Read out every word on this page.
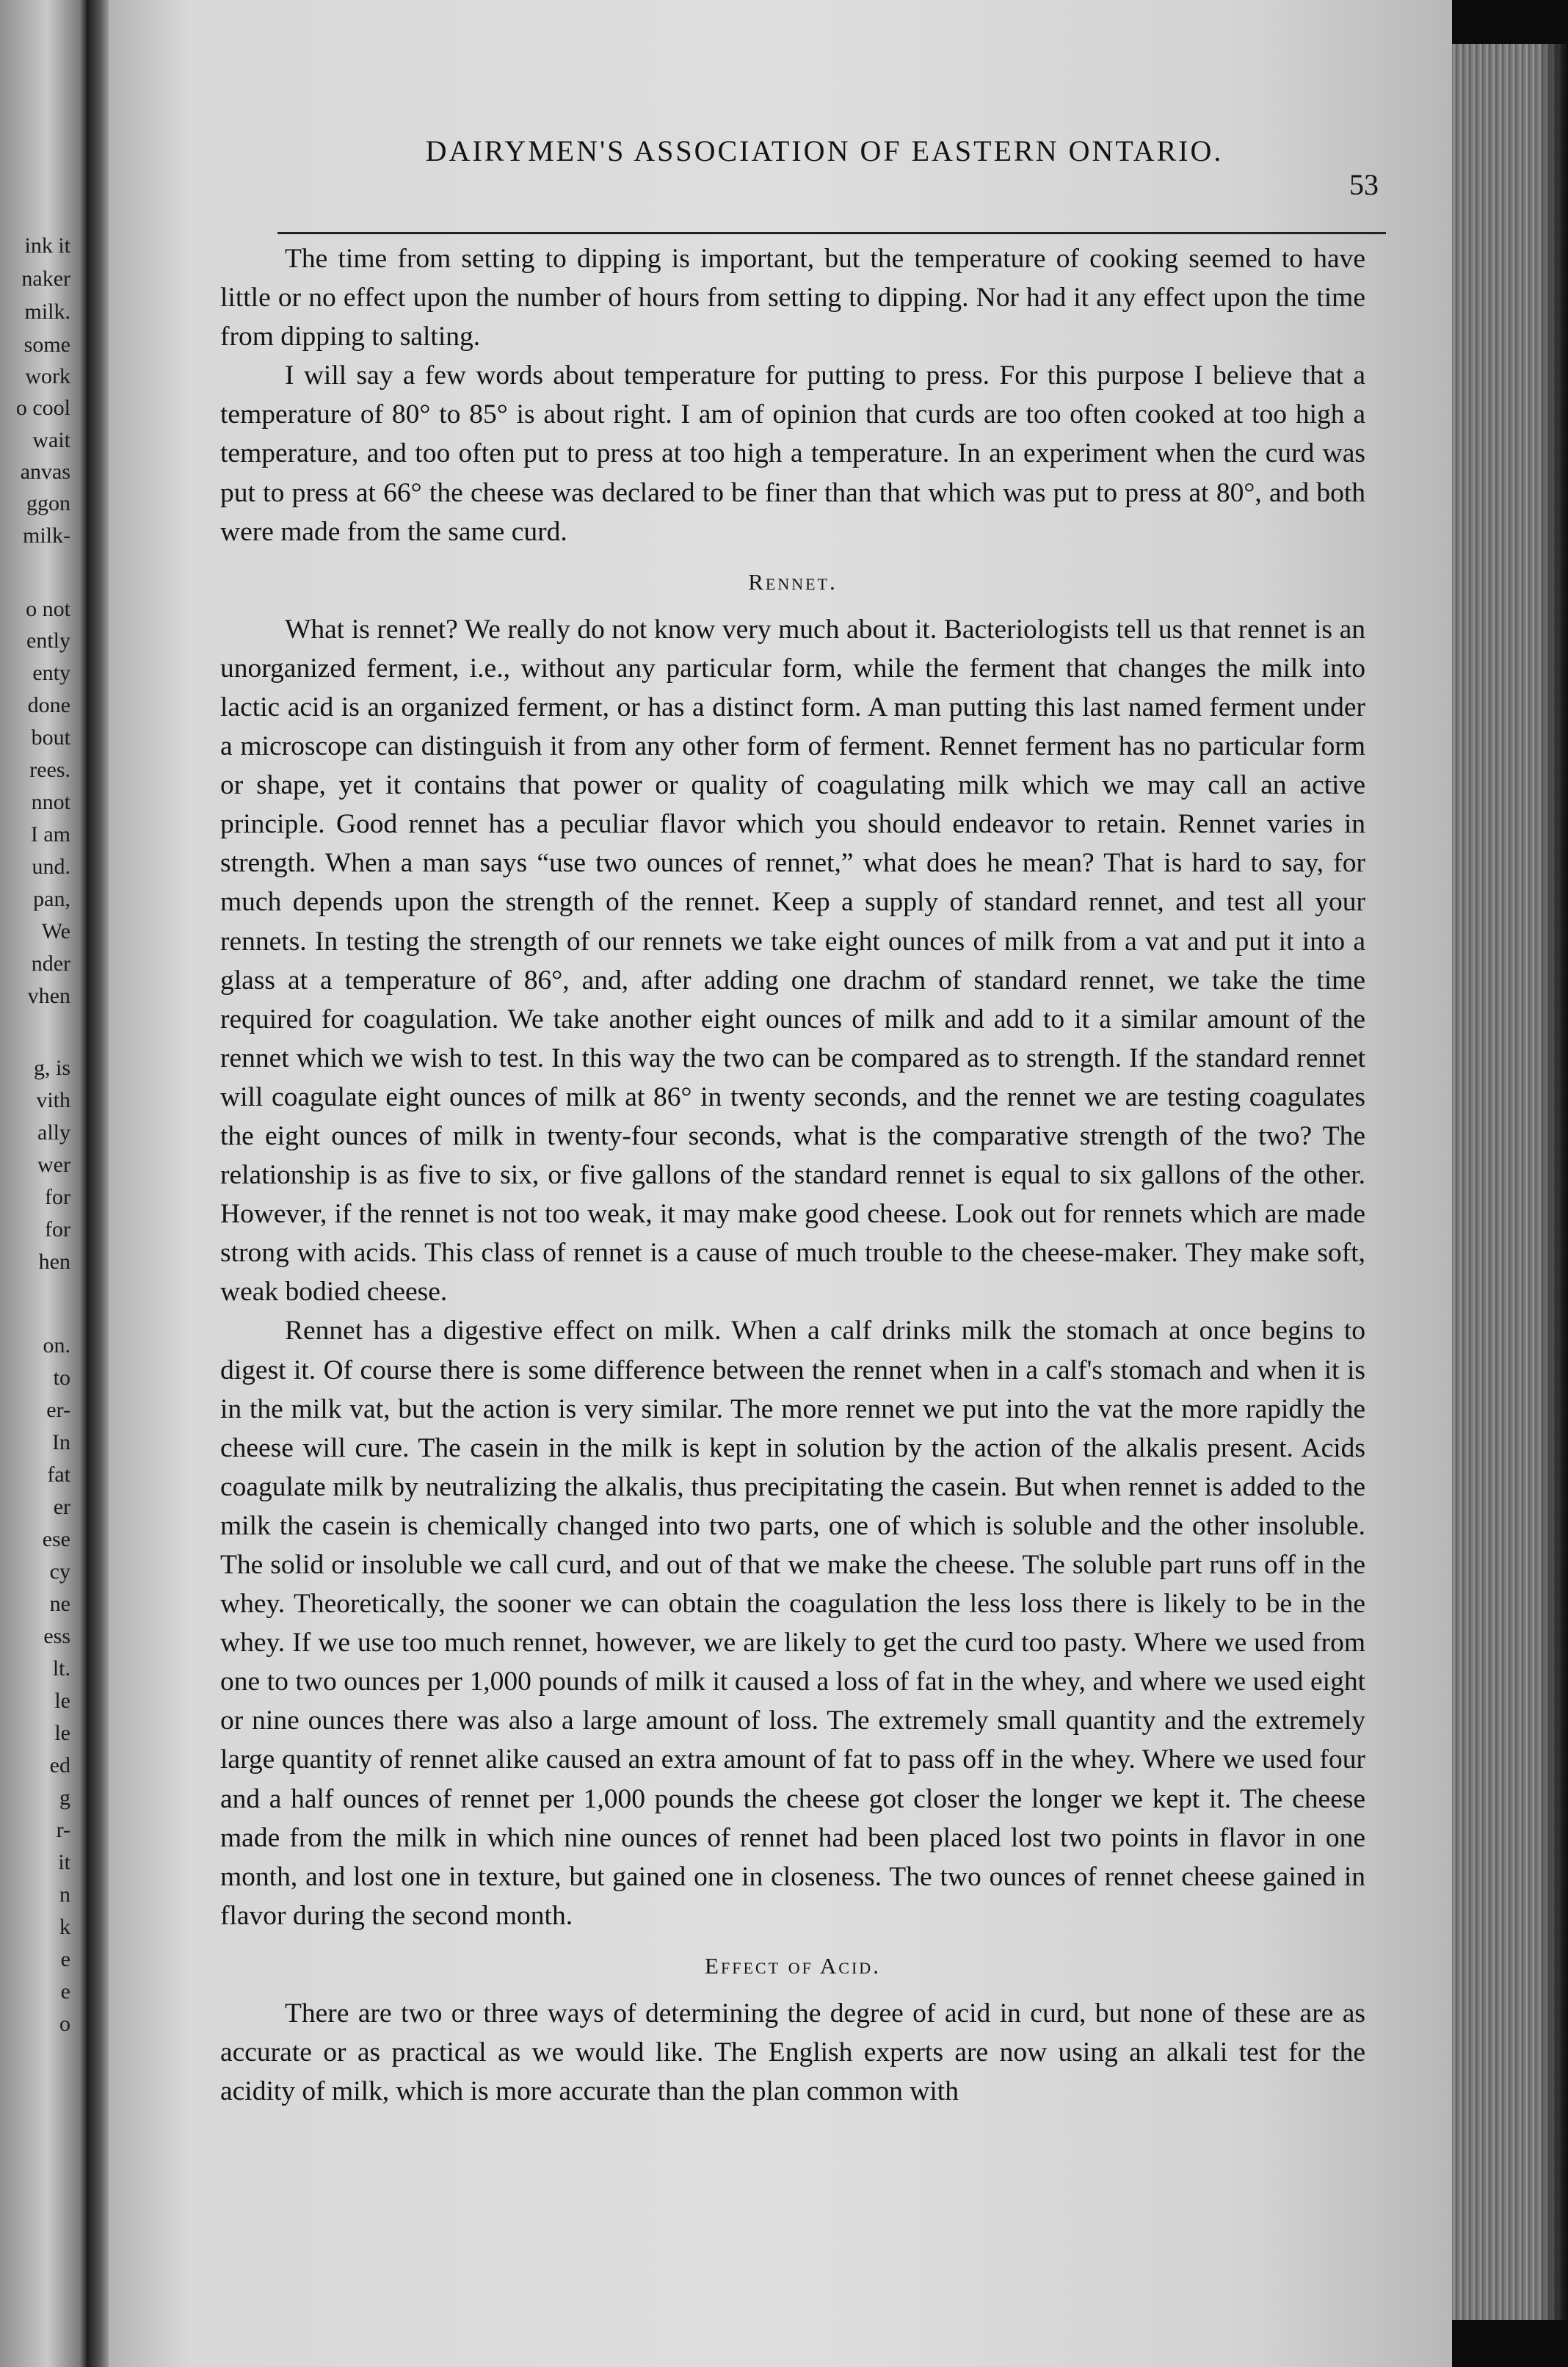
ink it
naker
milk.
some
work
o cool
wait
anvas
ggon
milk-
o not
ently
enty
done
bout
rees.
nnot
I am
und.
pan,
We
nder
vhen
g, is
vith
ally
wer
for
for
hen
on.
to
er-
In
fat
er
ese
cy
ne
ess
lt.
le
le
ed
g
r-
it
n
k
e
e
o
DAIRYMEN'S ASSOCIATION OF EASTERN ONTARIO.
53

The time from setting to dipping is important, but the temperature of cooking seemed to have little or no effect upon the number of hours from setting to dipping. Nor had it any effect upon the time from dipping to salting.

I will say a few words about temperature for putting to press. For this purpose I believe that a temperature of 80° to 85° is about right. I am of opinion that curds are too often cooked at too high a temperature, and too often put to press at too high a temperature. In an experiment when the curd was put to press at 66° the cheese was declared to be finer than that which was put to press at 80°, and both were made from the same curd.

Rennet.

What is rennet? We really do not know very much about it. Bacteriologists tell us that rennet is an unorganized ferment, i.e., without any particular form, while the ferment that changes the milk into lactic acid is an organized ferment, or has a distinct form. A man putting this last named ferment under a microscope can distinguish it from any other form of ferment. Rennet ferment has no particular form or shape, yet it contains that power or quality of coagulating milk which we may call an active principle. Good rennet has a peculiar flavor which you should endeavor to retain. Rennet varies in strength. When a man says “use two ounces of rennet,” what does he mean? That is hard to say, for much depends upon the strength of the rennet. Keep a supply of standard rennet, and test all your rennets. In testing the strength of our rennets we take eight ounces of milk from a vat and put it into a glass at a temperature of 86°, and, after adding one drachm of standard rennet, we take the time required for coagulation. We take another eight ounces of milk and add to it a similar amount of the rennet which we wish to test. In this way the two can be compared as to strength. If the standard rennet will coagulate eight ounces of milk at 86° in twenty seconds, and the rennet we are testing coagulates the eight ounces of milk in twenty-four seconds, what is the comparative strength of the two? The relationship is as five to six, or five gallons of the standard rennet is equal to six gallons of the other. However, if the rennet is not too weak, it may make good cheese. Look out for rennets which are made strong with acids. This class of rennet is a cause of much trouble to the cheese-maker. They make soft, weak bodied cheese.

Rennet has a digestive effect on milk. When a calf drinks milk the stomach at once begins to digest it. Of course there is some difference between the rennet when in a calf's stomach and when it is in the milk vat, but the action is very similar. The more rennet we put into the vat the more rapidly the cheese will cure. The casein in the milk is kept in solution by the action of the alkalis present. Acids coagulate milk by neutralizing the alkalis, thus precipitating the casein. But when rennet is added to the milk the casein is chemically changed into two parts, one of which is soluble and the other insoluble. The solid or insoluble we call curd, and out of that we make the cheese. The soluble part runs off in the whey. Theoretically, the sooner we can obtain the coagulation the less loss there is likely to be in the whey. If we use too much rennet, however, we are likely to get the curd too pasty. Where we used from one to two ounces per 1,000 pounds of milk it caused a loss of fat in the whey, and where we used eight or nine ounces there was also a large amount of loss. The extremely small quantity and the extremely large quantity of rennet alike caused an extra amount of fat to pass off in the whey. Where we used four and a half ounces of rennet per 1,000 pounds the cheese got closer the longer we kept it. The cheese made from the milk in which nine ounces of rennet had been placed lost two points in flavor in one month, and lost one in texture, but gained one in closeness. The two ounces of rennet cheese gained in flavor during the second month.

Effect of Acid.

There are two or three ways of determining the degree of acid in curd, but none of these are as accurate or as practical as we would like. The English experts are now using an alkali test for the acidity of milk, which is more accurate than the plan common with
